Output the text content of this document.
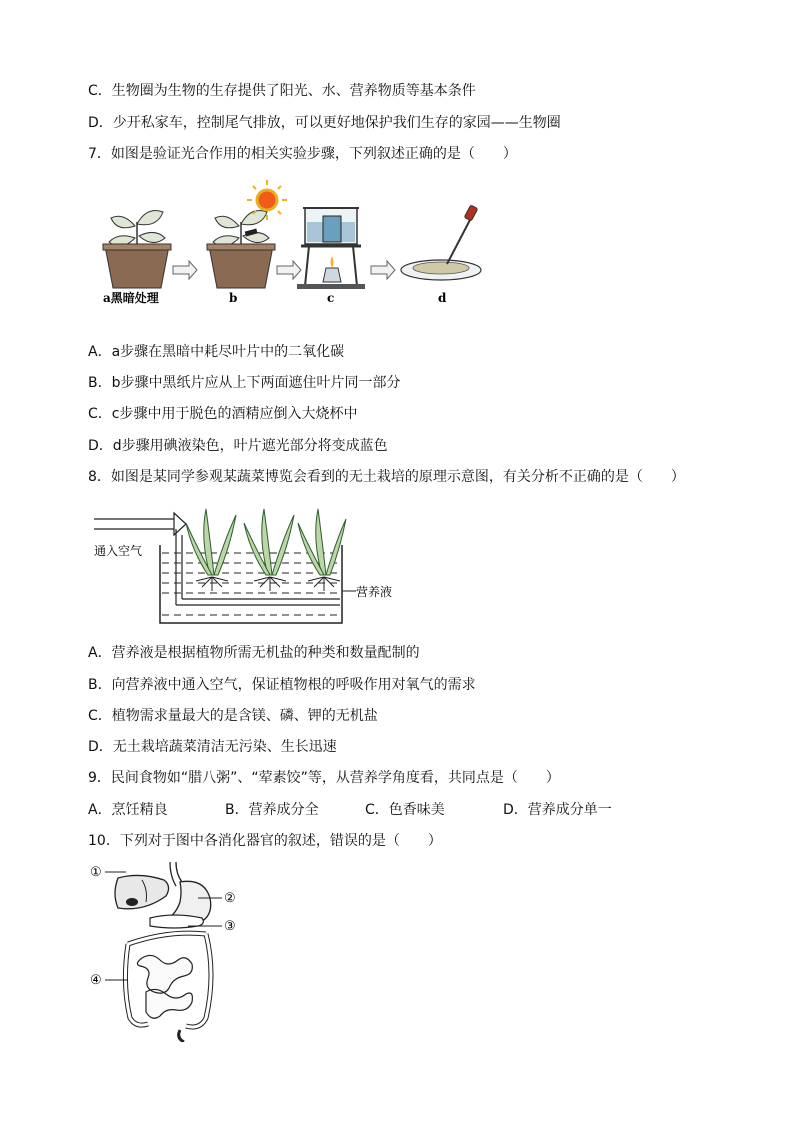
C．生物圈为生物的生存提供了阳光、水、营养物质等基本条件
D．少开私家车，控制尾气排放，可以更好地保护我们生存的家园——生物圈
7．如图是验证光合作用的相关实验步骤，下列叙述正确的是（　　）
a黑暗处理	b	c	d
A．a步骤在黑暗中耗尽叶片中的二氧化碳
B．b步骤中黑纸片应从上下两面遮住叶片同一部分
C．c步骤中用于脱色的酒精应倒入大烧杯中
D．d步骤用碘液染色，叶片遮光部分将变成蓝色
8．如图是某同学参观某蔬菜博览会看到的无土栽培的原理示意图，有关分析不正确的是（　　）
通入空气
营养液
A．营养液是根据植物所需无机盐的种类和数量配制的
B．向营养液中通入空气，保证植物根的呼吸作用对氧气的需求
C．植物需求量最大的是含镁、磷、钾的无机盐
D．无土栽培蔬菜清洁无污染、生长迅速
9．民间食物如“腊八粥”、“荤素饺”等，从营养学角度看，共同点是（　　）
A．烹饪精良	B．营养成分全	C．色香味美	D．营养成分单一
10．下列对于图中各消化器官的叙述，错误的是（　　）
①
②
③
④
